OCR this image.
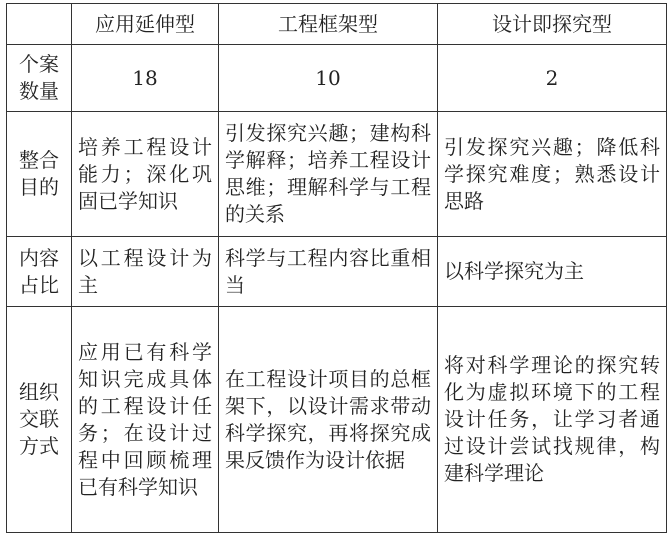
	应用延伸型	工程框架型	设计即探究型
个案
数量	18	10	2
整合
目的	培养工程设计能力；深化巩固已学知识	引发探究兴趣；建构科学解释；培养工程设计思维；理解科学与工程的关系	引发探究兴趣；降低科学探究难度；熟悉设计思路
内容
占比	以工程设计为主	科学与工程内容比重相当	以科学探究为主
组织
交联
方式	应用已有科学知识完成具体的工程设计任务；在设计过程中回顾梳理已有科学知识	在工程设计项目的总框架下，以设计需求带动科学探究，再将探究成果反馈作为设计依据	将对科学理论的探究转化为虚拟环境下的工程设计任务，让学习者通过设计尝试找规律，构建科学理论
